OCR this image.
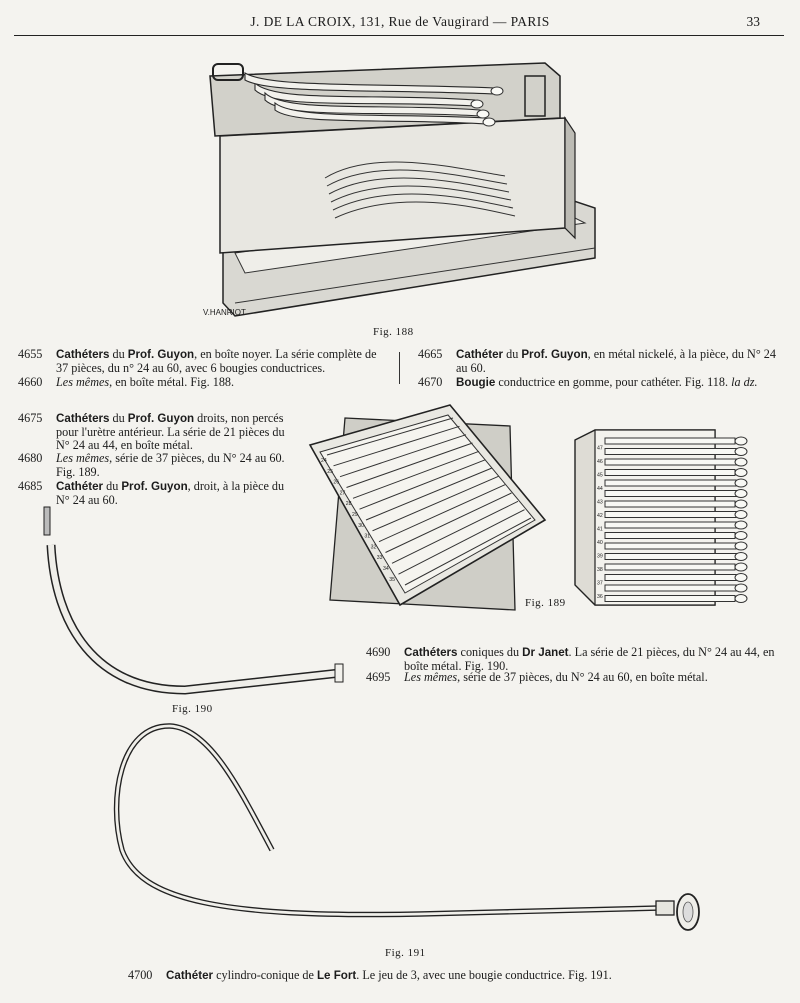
J. DE LA CROIX, 131, Rue de Vaugirard — PARIS	33
V.HANRIOT
Fig. 188
4655 Cathéters du Prof. Guyon, en boîte noyer. La série complète de 37 pièces, du n° 24 au 60, avec 6 bougies conductrices.
4660 Les mêmes, en boîte métal. Fig. 188.
4665 Cathéter du Prof. Guyon, en métal nickelé, à la pièce, du N° 24 au 60.
4670 Bougie conductrice en gomme, pour cathéter. Fig. 118. la dz.
4675 Cathéters du Prof. Guyon droits, non percés pour l'urètre antérieur. La série de 21 pièces du N° 24 au 44, en boîte métal.
4680 Les mêmes, série de 37 pièces, du N° 24 au 60. Fig. 189.
4685 Cathéter du Prof. Guyon, droit, à la pièce du N° 24 au 60.
24
25
26
27
28
29
30
31
32
33
34
35
36
37
38
39
40
41
42
43
44
45
46
47
Fig. 189
Fig. 190
4690 Cathéters coniques du Dr Janet. La série de 21 pièces, du N° 24 au 44, en boîte métal. Fig. 190.
4695 Les mêmes, série de 37 pièces, du N° 24 au 60, en boîte métal.
Fig. 191
4700 Cathéter cylindro-conique de Le Fort. Le jeu de 3, avec une bougie conductrice. Fig. 191.
